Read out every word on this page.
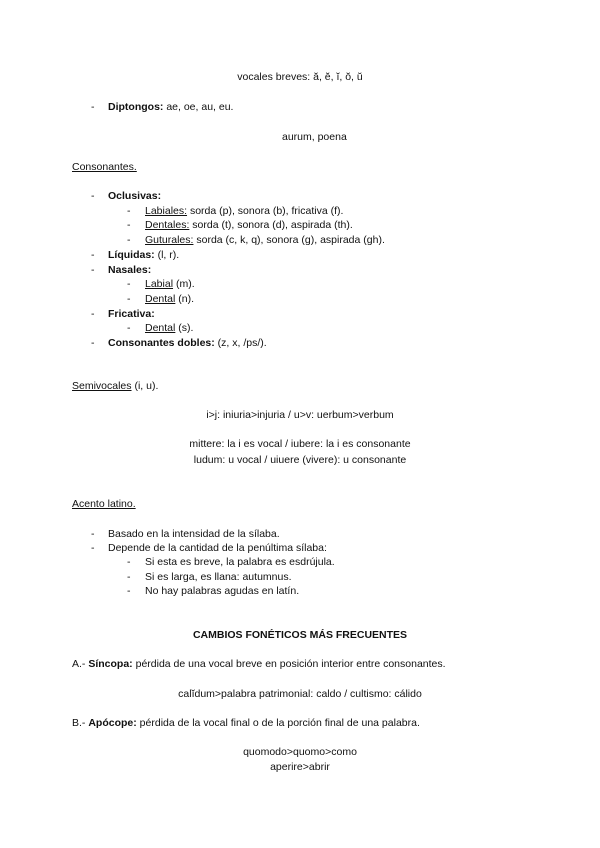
vocales breves: ă, ĕ, ĭ, ŏ, ŭ
- Diptongos: ae, oe, au, eu.
aurum, poena
Consonantes.
- Oclusivas:
- Labiales: sorda (p), sonora (b), fricativa (f).
- Dentales: sorda (t), sonora (d), aspirada (th).
- Guturales: sorda (c, k, q), sonora (g), aspirada (gh).
- Líquidas: (l, r).
- Nasales:
- Labial (m).
- Dental (n).
- Fricativa:
- Dental (s).
- Consonantes dobles: (z, x, /ps/).
Semivocales (i, u).
i>j: iniuria>injuria / u>v: uerbum>verbum
mittere: la i es vocal / iubere: la i es consonante
ludum: u vocal / uiuere (vivere): u consonante
Acento latino.
- Basado en la intensidad de la sílaba.
- Depende de la cantidad de la penúltima sílaba:
- Si esta es breve, la palabra es esdrújula.
- Si es larga, es llana: autumnus.
- No hay palabras agudas en latín.
CAMBIOS FONÉTICOS MÁS FRECUENTES
A.- Síncopa: pérdida de una vocal breve en posición interior entre consonantes.
calĭdum>palabra patrimonial: caldo / cultismo: cálido
B.- Apócope: pérdida de la vocal final o de la porción final de una palabra.
quomodo>quomo>como
aperire>abrir
